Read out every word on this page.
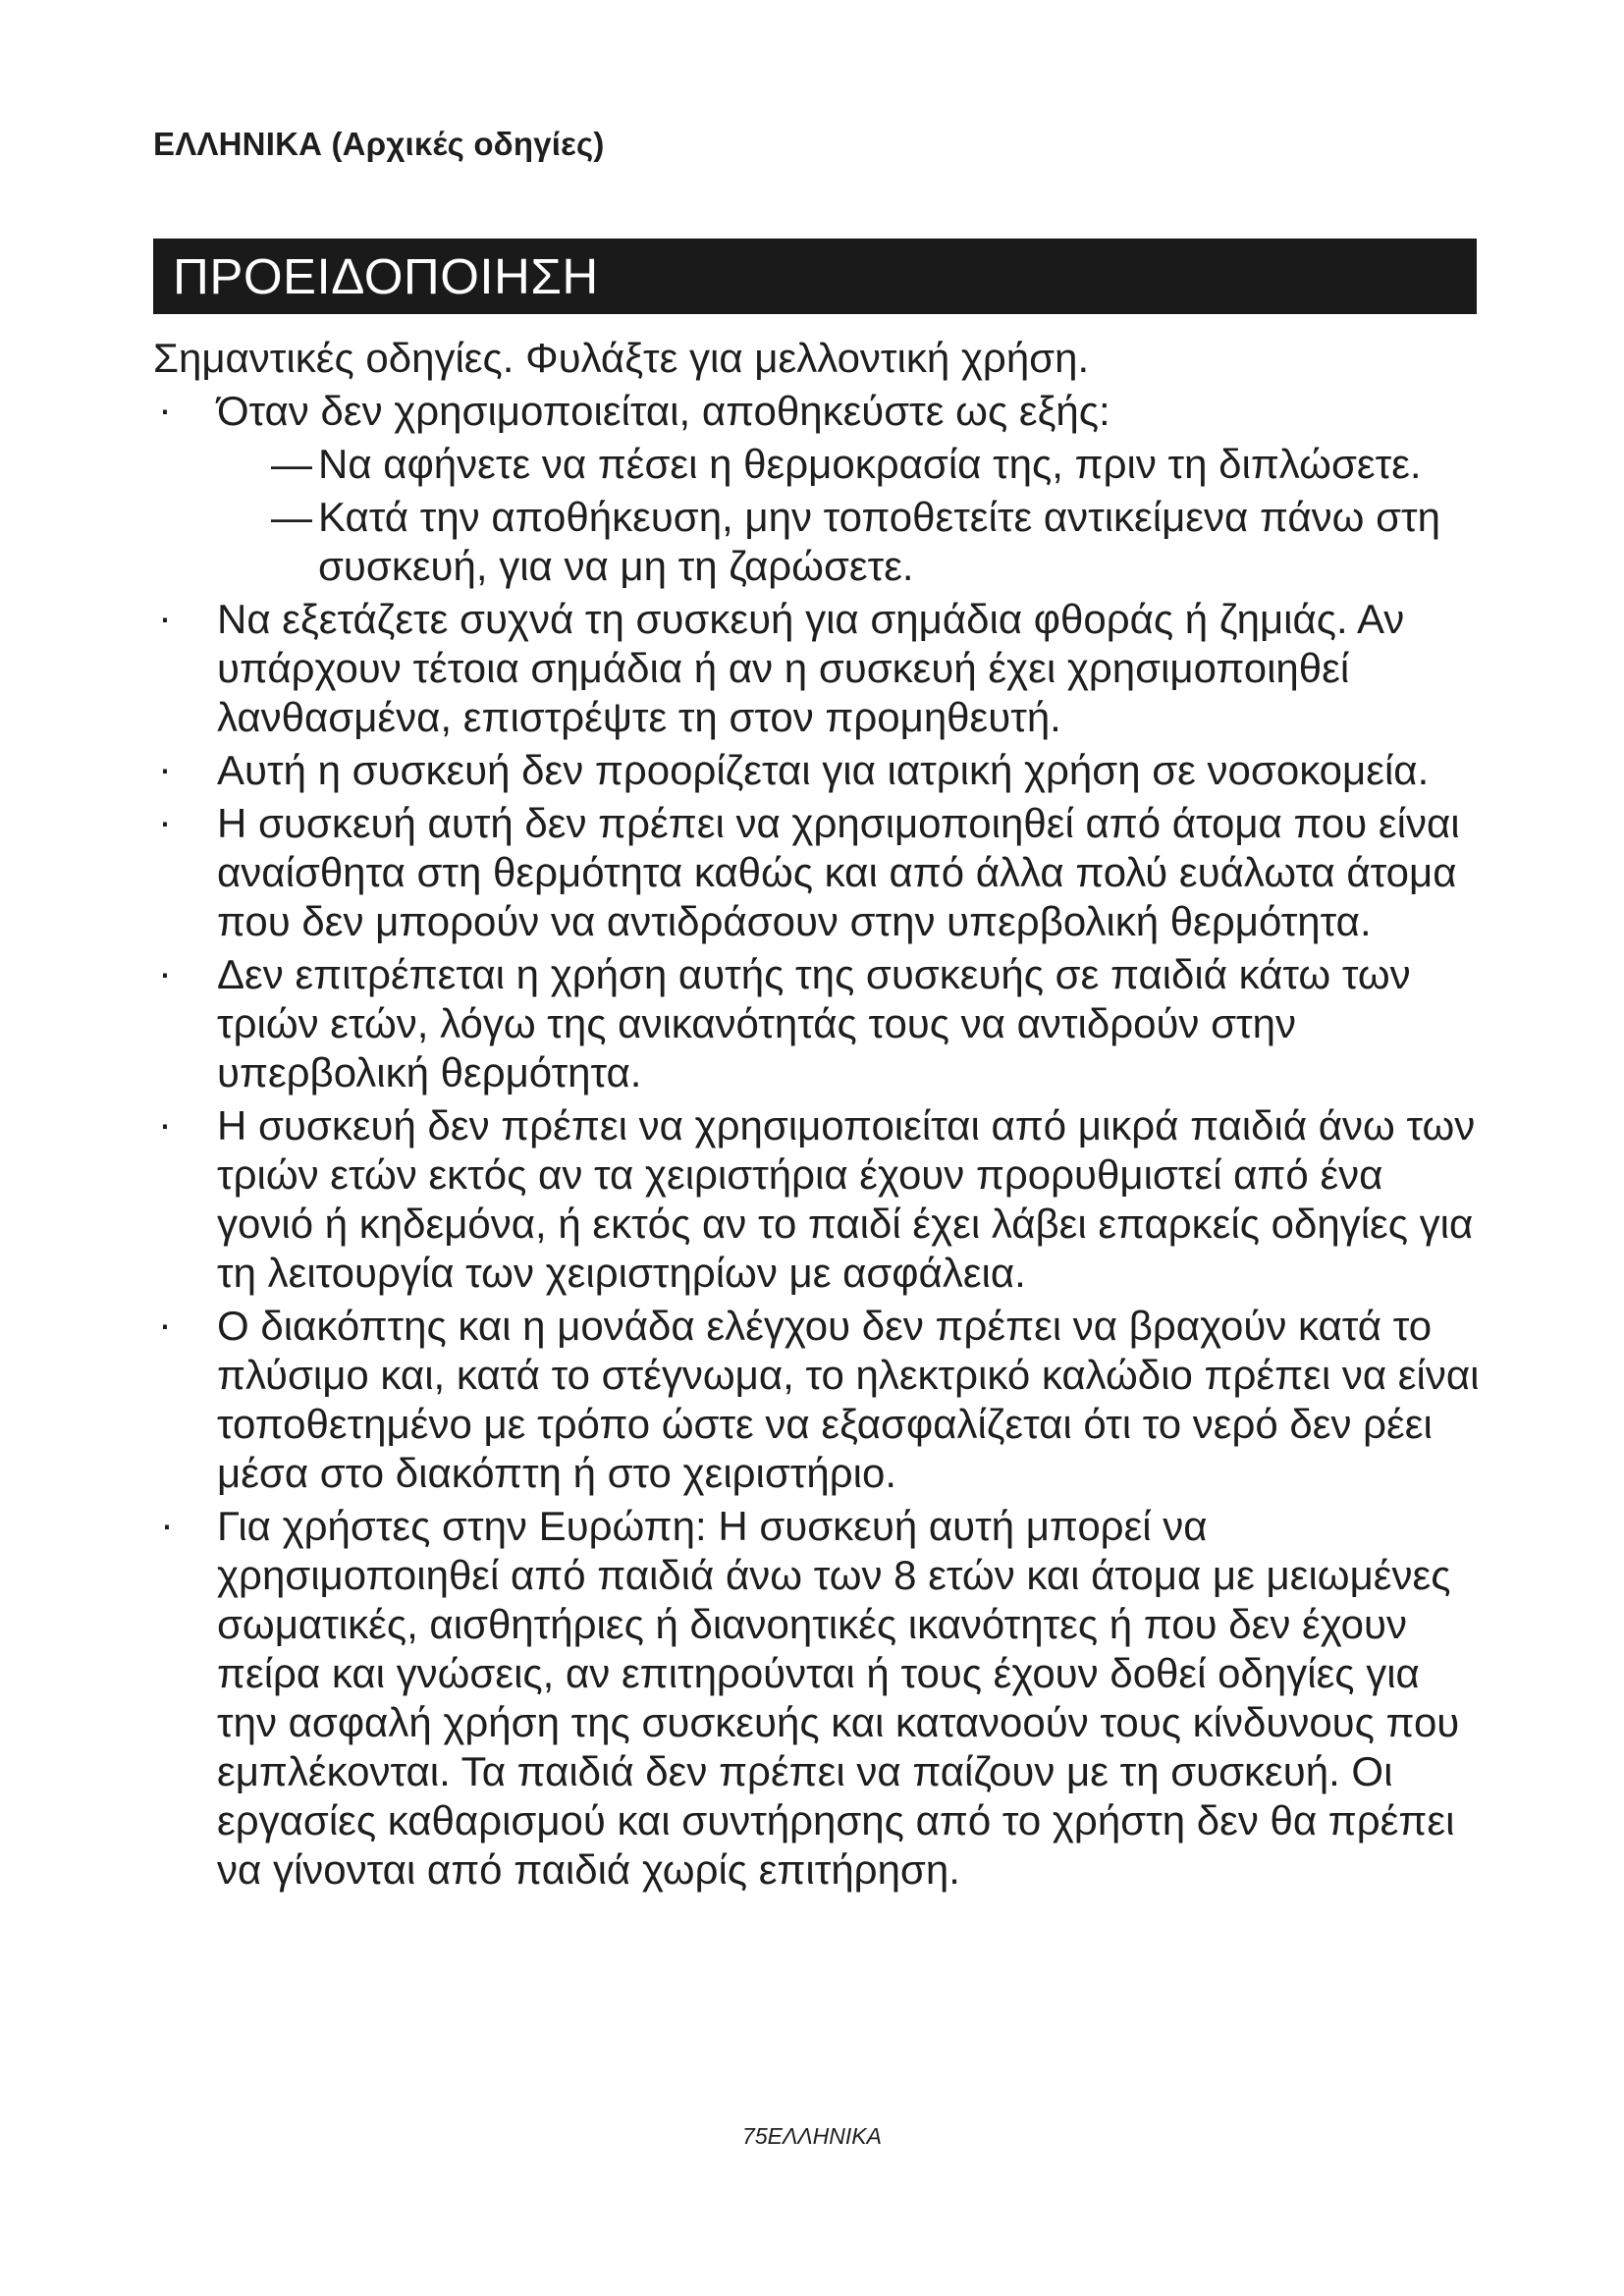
ΕΛΛΗΝΙΚΑ (Αρχικές οδηγίες)
ΠΡΟΕΙΔΟΠΟΙΗΣΗ

Σημαντικές οδηγίες. Φυλάξτε για μελλοντική χρήση.

· Όταν δεν χρησιμοποιείται, αποθηκεύστε ως εξής:
— Να αφήνετε να πέσει η θερμοκρασία της, πριν τη διπλώσετε.
— Κατά την αποθήκευση, μην τοποθετείτε αντικείμενα πάνω στη συσκευή, για να μη τη ζαρώσετε.
· Να εξετάζετε συχνά τη συσκευή για σημάδια φθοράς ή ζημιάς. Αν υπάρχουν τέτοια σημάδια ή αν η συσκευή έχει χρησιμοποιηθεί λανθασμένα, επιστρέψτε τη στον προμηθευτή.
· Αυτή η συσκευή δεν προορίζεται για ιατρική χρήση σε νοσοκομεία.
· Η συσκευή αυτή δεν πρέπει να χρησιμοποιηθεί από άτομα που είναι αναίσθητα στη θερμότητα καθώς και από άλλα πολύ ευάλωτα άτομα που δεν μπορούν να αντιδράσουν στην υπερβολική θερμότητα.
· Δεν επιτρέπεται η χρήση αυτής της συσκευής σε παιδιά κάτω των τριών ετών, λόγω της ανικανότητάς τους να αντιδρούν στην υπερβολική θερμότητα.
· Η συσκευή δεν πρέπει να χρησιμοποιείται από μικρά παιδιά άνω των τριών ετών εκτός αν τα χειριστήρια έχουν προρυθμιστεί από ένα γονιό ή κηδεμόνα, ή εκτός αν το παιδί έχει λάβει επαρκείς οδηγίες για τη λειτουργία των χειριστηρίων με ασφάλεια.
· Ο διακόπτης και η μονάδα ελέγχου δεν πρέπει να βραχούν κατά το πλύσιμο και, κατά το στέγνωμα, το ηλεκτρικό καλώδιο πρέπει να είναι τοποθετημένο με τρόπο ώστε να εξασφαλίζεται ότι το νερό δεν ρέει μέσα στο διακόπτη ή στο χειριστήριο.
· Για χρήστες στην Ευρώπη: Η συσκευή αυτή μπορεί να χρησιμοποιηθεί από παιδιά άνω των 8 ετών και άτομα με μειωμένες σωματικές, αισθητήριες ή διανοητικές ικανότητες ή που δεν έχουν πείρα και γνώσεις, αν επιτηρούνται ή τους έχουν δοθεί οδηγίες για την ασφαλή χρήση της συσκευής και κατανοούν τους κίνδυνους που εμπλέκονται. Τα παιδιά δεν πρέπει να παίζουν με τη συσκευή. Οι εργασίες καθαρισμού και συντήρησης από το χρήστη δεν θα πρέπει να γίνονται από παιδιά χωρίς επιτήρηση.
75ΕΛΛΗΝΙΚΑ
